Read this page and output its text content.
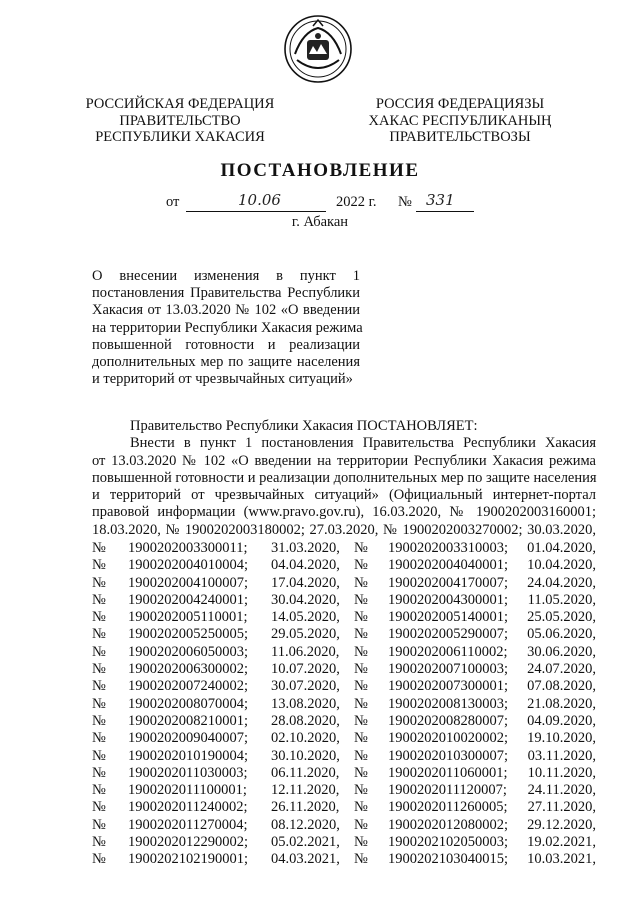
РОССИЙСКАЯ ФЕДЕРАЦИЯ
ПРАВИТЕЛЬСТВО
РЕСПУБЛИКИ ХАКАСИЯ
РОССИЯ ФЕДЕРАЦИЯЗЫ
ХАКАС РЕСПУБЛИКАНЫҢ
ПРАВИТЕЛЬСТВОЗЫ
ПОСТАНОВЛЕНИЕ
от	10.06	2022 г. № 331
г. Абакан
О внесении изменения в пункт 1
постановления Правительства Республики
Хакасия от 13.03.2020 № 102 «О введении
на территории Республики Хакасия режима
повышенной готовности и реализации
дополнительных мер по защите населения
и территорий от чрезвычайных ситуаций»
Правительство Республики Хакасия ПОСТАНОВЛЯЕТ:
Внести в пункт 1 постановления Правительства Республики Хакасия
от 13.03.2020 № 102 «О введении на территории Республики Хакасия режима
повышенной готовности и реализации дополнительных мер по защите населения
и территорий от чрезвычайных ситуаций» (Официальный интернет-портал
правовой информации (www.pravo.gov.ru), 16.03.2020, № 1900202003160001;
18.03.2020, № 1900202003180002; 27.03.2020, № 1900202003270002; 30.03.2020,
№	1900202003300011;	31.03.2020,	№	1900202003310003;	01.04.2020,
№	1900202004010004;	04.04.2020,	№	1900202004040001;	10.04.2020,
№	1900202004100007;	17.04.2020,	№	1900202004170007;	24.04.2020,
№	1900202004240001;	30.04.2020,	№	1900202004300001;	11.05.2020,
№	1900202005110001;	14.05.2020,	№	1900202005140001;	25.05.2020,
№	1900202005250005;	29.05.2020,	№	1900202005290007;	05.06.2020,
№	1900202006050003;	11.06.2020,	№	1900202006110002;	30.06.2020,
№	1900202006300002;	10.07.2020,	№	1900202007100003;	24.07.2020,
№	1900202007240002;	30.07.2020,	№	1900202007300001;	07.08.2020,
№	1900202008070004;	13.08.2020,	№	1900202008130003;	21.08.2020,
№	1900202008210001;	28.08.2020,	№	1900202008280007;	04.09.2020,
№	1900202009040007;	02.10.2020,	№	1900202010020002;	19.10.2020,
№	1900202010190004;	30.10.2020,	№	1900202010300007;	03.11.2020,
№	1900202011030003;	06.11.2020,	№	1900202011060001;	10.11.2020,
№	1900202011100001;	12.11.2020,	№	1900202011120007;	24.11.2020,
№	1900202011240002;	26.11.2020,	№	1900202011260005;	27.11.2020,
№	1900202011270004;	08.12.2020,	№	1900202012080002;	29.12.2020,
№	1900202012290002;	05.02.2021,	№	1900202102050003;	19.02.2021,
№	1900202102190001;	04.03.2021,	№	1900202103040015;	10.03.2021,
